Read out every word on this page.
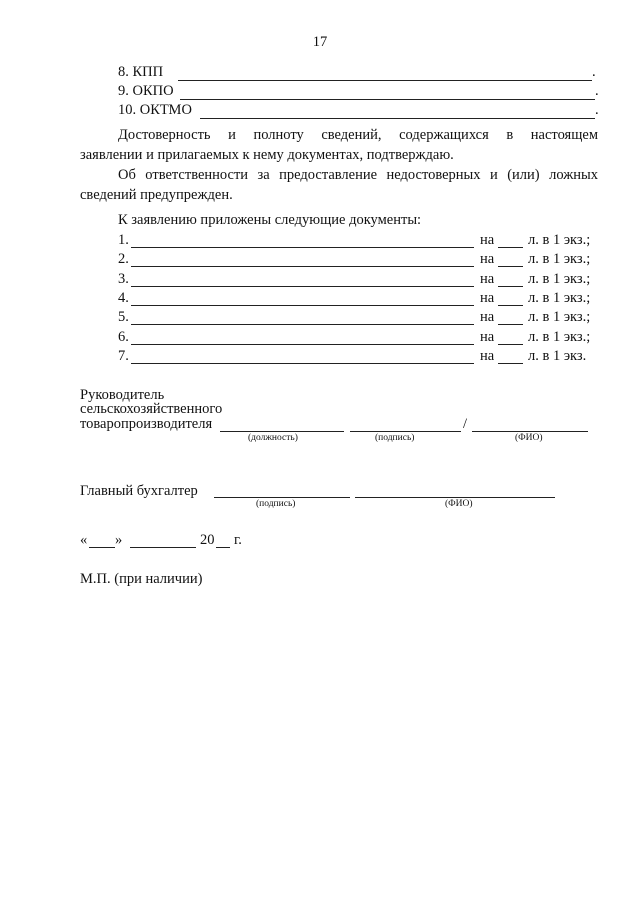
17
8. КПП	.
9. ОКПО	.
10. ОКТМО	.
Достоверность и полноту сведений, содержащихся в настоящем
заявлении и прилагаемых к нему документах, подтверждаю.
Об ответственности за предоставление недостоверных и (или) ложных
сведений предупрежден.
К заявлению приложены следующие документы:
1.	на л. в 1 экз.;
2.	на л. в 1 экз.;
3.	на л. в 1 экз.;
4.	на л. в 1 экз.;
5.	на л. в 1 экз.;
6.	на л. в 1 экз.;
7.	на л. в 1 экз.
Руководитель
сельскохозяйственного
товаропроизводителя	/
(должность)	(подпись)	(ФИО)
Главный бухгалтер
(подпись)	(ФИО)
« »	20 г.
М.П. (при наличии)
